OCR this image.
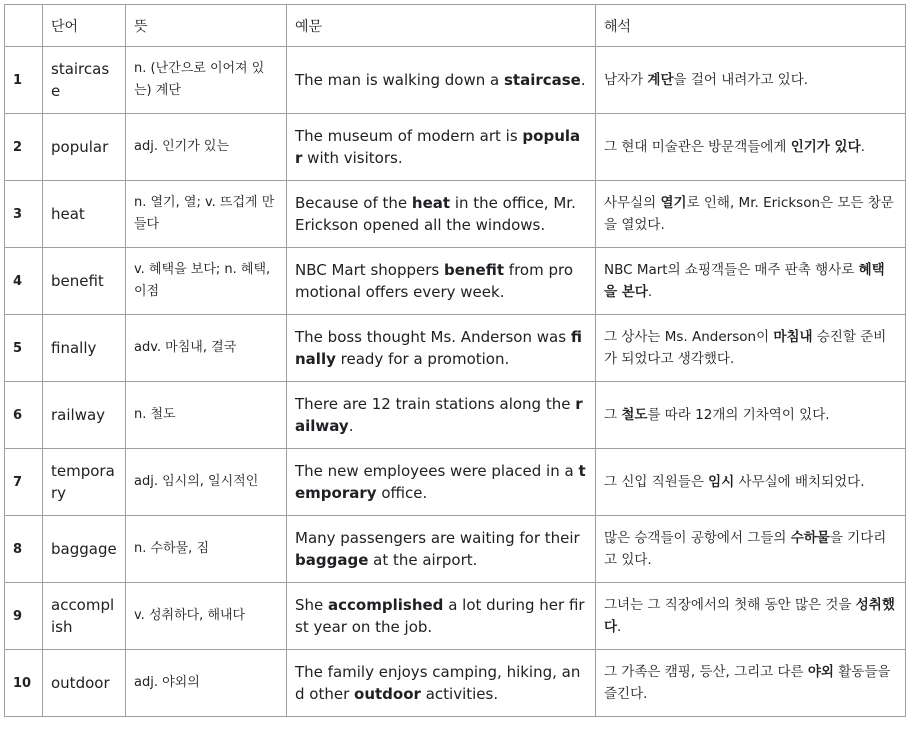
	단어	뜻	예문	해석
1	staircase	n. (난간으로 이어져 있는) 계단	The man is walking down a staircase.	남자가 계단을 걸어 내려가고 있다.
2	popular	adj. 인기가 있는	The museum of modern art is popular with visitors.	그 현대 미술관은 방문객들에게 인기가 있다.
3	heat	n. 열기, 열; v. 뜨겁게 만들다	Because of the heat in the office, Mr. Erickson opened all the windows.	사무실의 열기로 인해, Mr. Erickson은 모든 창문을 열었다.
4	benefit	v. 혜택을 보다; n. 혜택, 이점	NBC Mart shoppers benefit from promotional offers every week.	NBC Mart의 쇼핑객들은 매주 판촉 행사로 혜택을 본다.
5	finally	adv. 마침내, 결국	The boss thought Ms. Anderson was finally ready for a promotion.	그 상사는 Ms. Anderson이 마침내 승진할 준비가 되었다고 생각했다.
6	railway	n. 철도	There are 12 train stations along the railway.	그 철도를 따라 12개의 기차역이 있다.
7	temporary	adj. 임시의, 일시적인	The new employees were placed in a temporary office.	그 신입 직원들은 임시 사무실에 배치되었다.
8	baggage	n. 수하물, 짐	Many passengers are waiting for their baggage at the airport.	많은 승객들이 공항에서 그들의 수하물을 기다리고 있다.
9	accomplish	v. 성취하다, 해내다	She accomplished a lot during her first year on the job.	그녀는 그 직장에서의 첫해 동안 많은 것을 성취했다.
10	outdoor	adj. 야외의	The family enjoys camping, hiking, and other outdoor activities.	그 가족은 캠핑, 등산, 그리고 다른 야외 활동들을 즐긴다.
